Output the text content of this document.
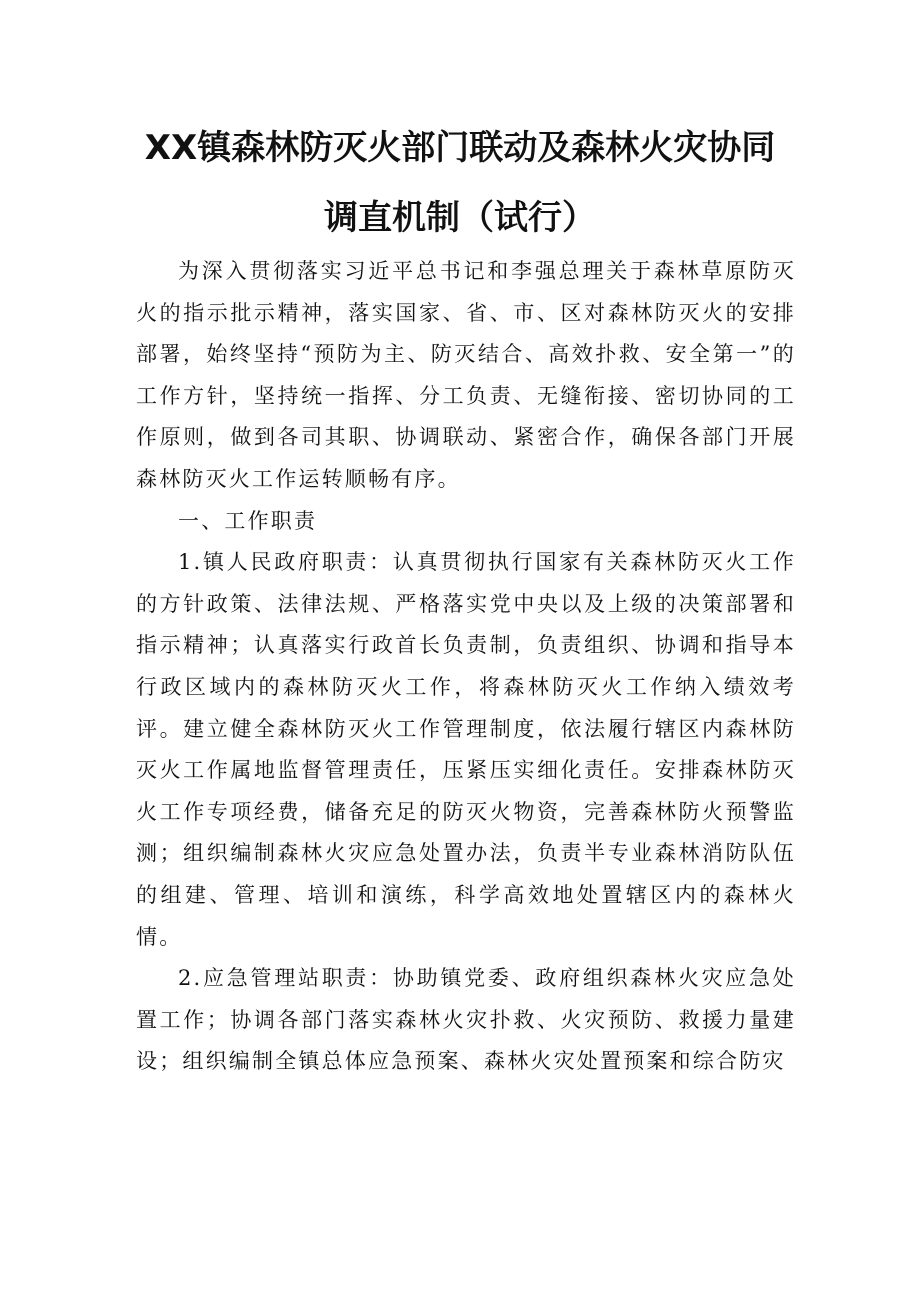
XX镇森林防灭火部门联动及森林火灾协同
调直机制（试行）

为深入贯彻落实习近平总书记和李强总理关于森林草原防灭火的指示批示精神，落实国家、省、市、区对森林防灭火的安排部署，始终坚持“预防为主、防灭结合、高效扑救、安全第一”的工作方针，坚持统一指挥、分工负责、无缝衔接、密切协同的工作原则，做到各司其职、协调联动、紧密合作，确保各部门开展森林防灭火工作运转顺畅有序。

一、工作职责

1.镇人民政府职责：认真贯彻执行国家有关森林防灭火工作的方针政策、法律法规、严格落实党中央以及上级的决策部署和指示精神；认真落实行政首长负责制，负责组织、协调和指导本行政区域内的森林防灭火工作，将森林防灭火工作纳入绩效考评。建立健全森林防灭火工作管理制度，依法履行辖区内森林防灭火工作属地监督管理责任，压紧压实细化责任。安排森林防灭火工作专项经费，储备充足的防灭火物资，完善森林防火预警监测；组织编制森林火灾应急处置办法，负责半专业森林消防队伍的组建、管理、培训和演练，科学高效地处置辖区内的森林火情。

2.应急管理站职责：协助镇党委、政府组织森林火灾应急处置工作；协调各部门落实森林火灾扑救、火灾预防、救援力量建设；组织编制全镇总体应急预案、森林火灾处置预案和综合防灾
